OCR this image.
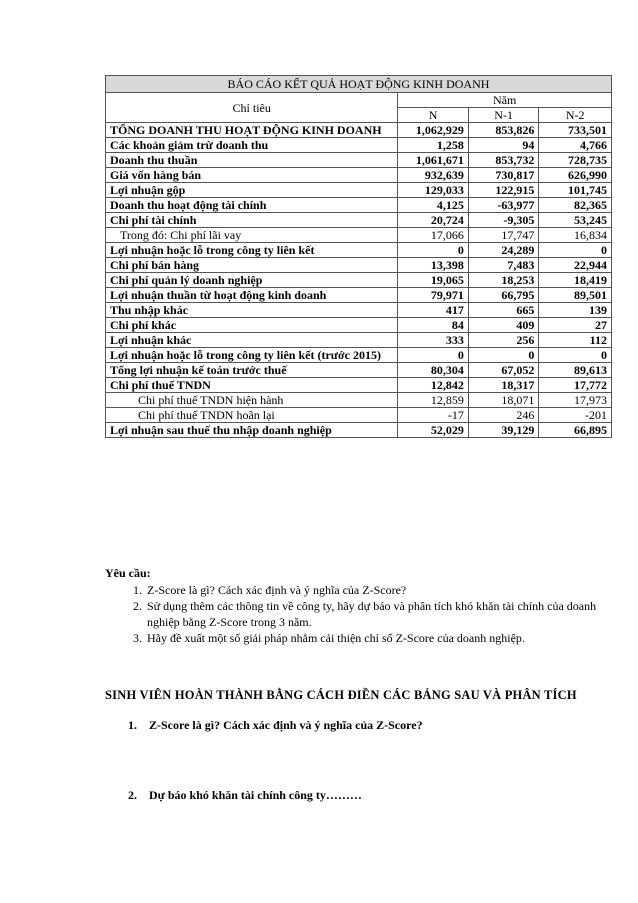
BÁO CÁO KẾT QUẢ HOẠT ĐỘNG KINH DOANH			
Chỉ tiêu	Năm		
	N	N-1	N-2
TỔNG DOANH THU HOẠT ĐỘNG KINH DOANH	1,062,929	853,826	733,501
Các khoản giảm trừ doanh thu	1,258	94	4,766
Doanh thu thuần	1,061,671	853,732	728,735
Giá vốn hàng bán	932,639	730,817	626,990
Lợi nhuận gộp	129,033	122,915	101,745
Doanh thu hoạt động tài chính	4,125	-63,977	82,365
Chi phí tài chính	20,724	-9,305	53,245
Trong đó: Chi phí lãi vay	17,066	17,747	16,834
Lợi nhuận hoặc lỗ trong công ty liên kết	0	24,289	0
Chi phí bán hàng	13,398	7,483	22,944
Chi phí quản lý doanh nghiệp	19,065	18,253	18,419
Lợi nhuận thuần từ hoạt động kinh doanh	79,971	66,795	89,501
Thu nhập khác	417	665	139
Chi phí khác	84	409	27
Lợi nhuận khác	333	256	112
Lợi nhuận hoặc lỗ trong công ty liên kết (trước 2015)	0	0	0
Tổng lợi nhuận kế toán trước thuế	80,304	67,052	89,613
Chi phí thuế TNDN	12,842	18,317	17,772
Chi phí thuế TNDN hiện hành	12,859	18,071	17,973
Chi phí thuế TNDN hoãn lại	-17	246	-201
Lợi nhuận sau thuế thu nhập doanh nghiệp	52,029	39,129	66,895
Yêu cầu:
1. Z-Score là gì? Cách xác định và ý nghĩa của Z-Score?
2. Sử dụng thêm các thông tin về công ty, hãy dự báo và phân tích khó khăn tài chính của doanh nghiệp bằng Z-Score trong 3 năm.
3. Hãy đề xuất một số giải pháp nhằm cải thiện chỉ số Z-Score của doanh nghiệp.
SINH VIÊN HOÀN THÀNH BẰNG CÁCH ĐIỀN CÁC BẢNG SAU VÀ PHÂN TÍCH
1. Z-Score là gì? Cách xác định và ý nghĩa của Z-Score?
2. Dự báo khó khăn tài chính công ty………
